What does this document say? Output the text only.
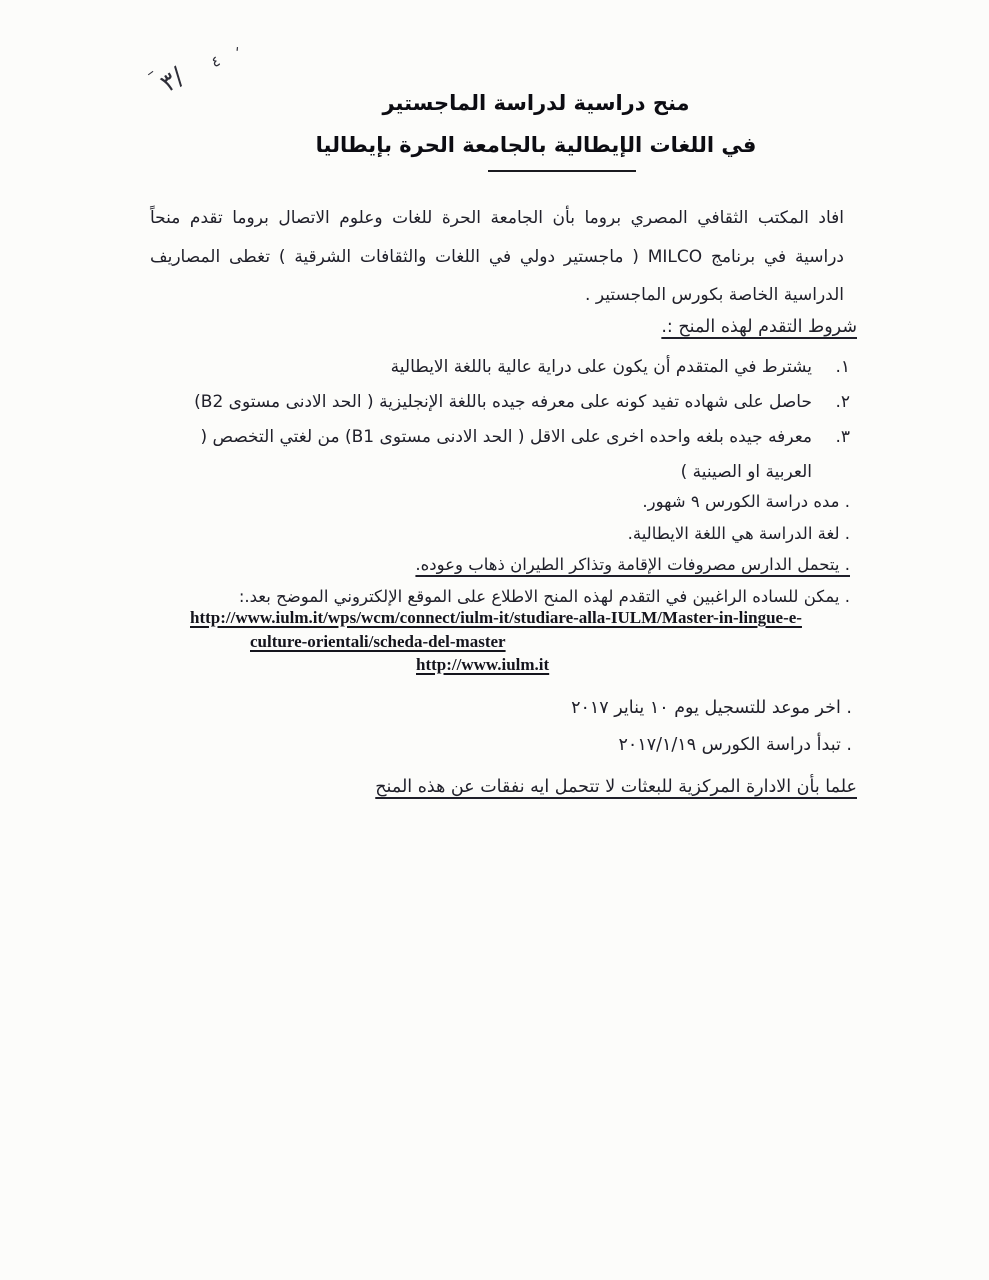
–
٣/
٤ '
منح دراسية لدراسة الماجستير
في اللغات الإيطالية بالجامعة الحرة بإيطاليا
افاد المكتب الثقافي المصري بروما بأن الجامعة الحرة للغات وعلوم الاتصال بروما تقدم منحاً دراسية في برنامج MILCO ( ماجستير دولي في اللغات والثقافات الشرقية ) تغطى المصاريف الدراسية الخاصة بكورس الماجستير .
شروط التقدم لهذه المنح :.
١.
يشترط في المتقدم أن يكون على دراية عالية باللغة الايطالية
٢.
حاصل على شهاده تفيد كونه على معرفه جيده باللغة الإنجليزية ( الحد الادنى مستوى B2)
٣.
معرفه جيده بلغه واحده اخرى على الاقل ( الحد الادنى مستوى B1) من لغتي التخصص ( العربية او الصينية )
. مده دراسة الكورس ٩ شهور.
. لغة الدراسة هي اللغة الايطالية.
. يتحمل الدارس مصروفات الإقامة وتذاكر الطيران ذهاب وعوده.
. يمكن للساده الراغبين في التقدم لهذه المنح الاطلاع على الموقع الإلكتروني الموضح بعد.:
http://www.iulm.it/wps/wcm/connect/iulm-it/studiare-alla-IULM/Master-in-lingue-e-
culture-orientali/scheda-del-master
http://www.iulm.it
. اخر موعد للتسجيل يوم ١٠ يناير ٢٠١٧
. تبدأ دراسة الكورس ٢٠١٧/١/١٩
علما بأن الادارة المركزية للبعثات لا تتحمل ايه نفقات عن هذه المنح
